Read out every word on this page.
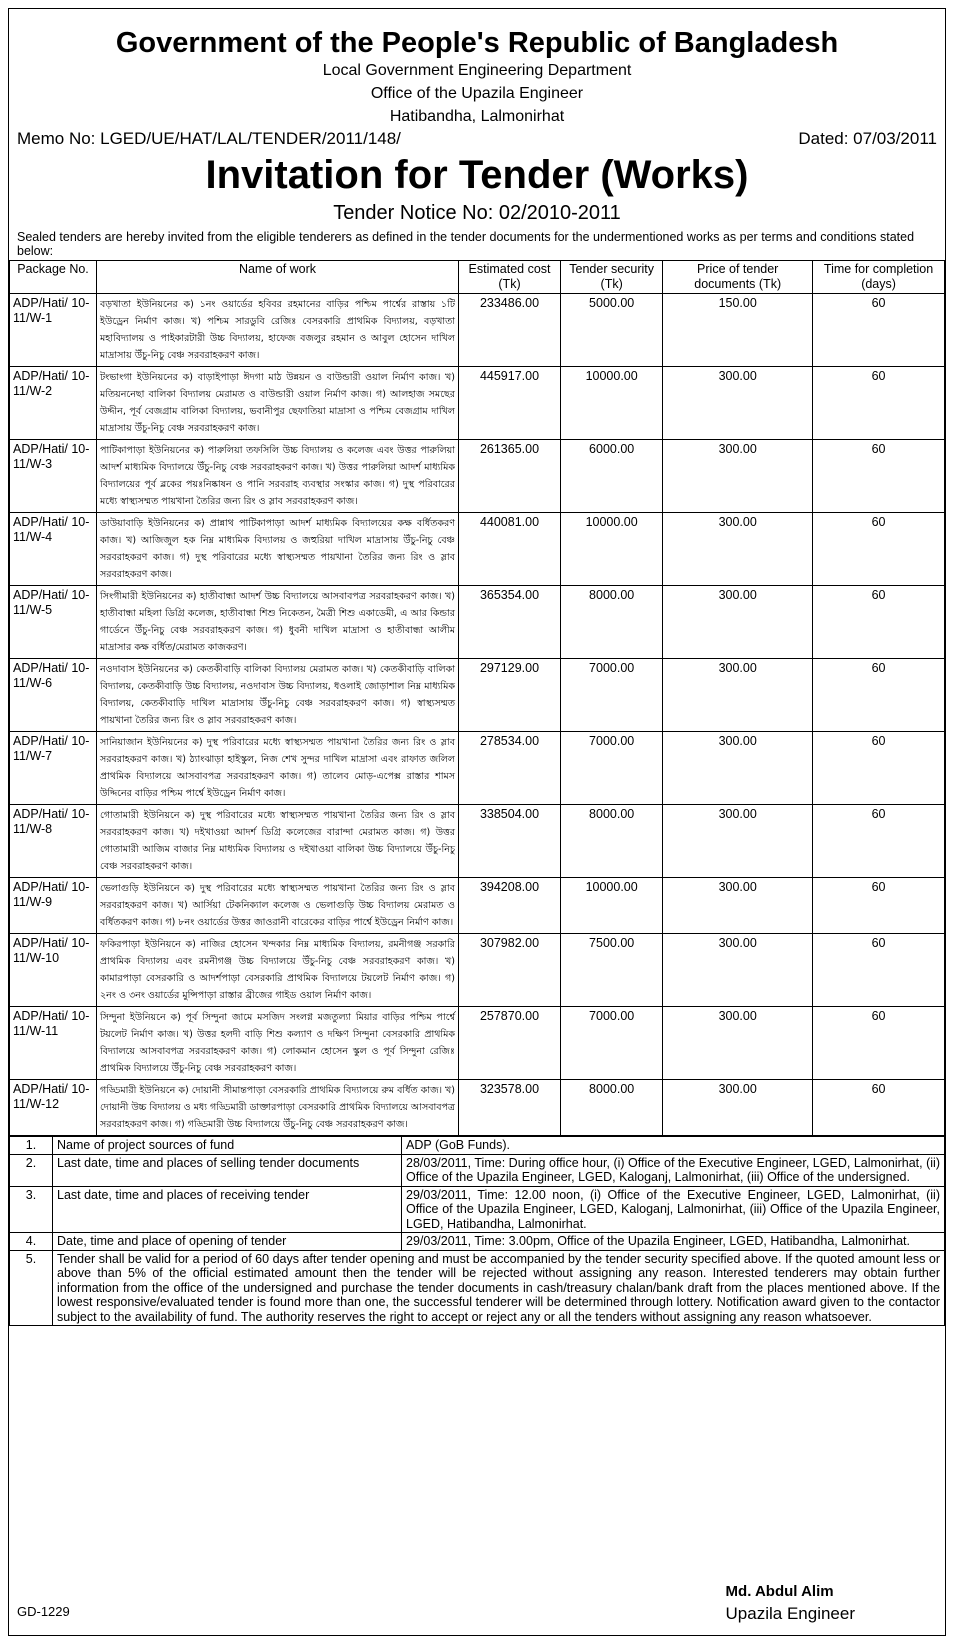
Government of the People's Republic of Bangladesh
Local Government Engineering Department
Office of the Upazila Engineer
Hatibandha, Lalmonirhat
Memo No: LGED/UE/HAT/LAL/TENDER/2011/148/	Dated: 07/03/2011
Invitation for Tender (Works)
Tender Notice No: 02/2010-2011
Sealed tenders are hereby invited from the eligible tenderers as defined in the tender documents for the undermentioned works as per terms and conditions stated below:
Package No.	Name of work	Estimated cost (Tk)	Tender security (Tk)	Price of tender documents (Tk)	Time for completion (days)
ADP/Hati/ 10-11/W-1	বড়খাতা ইউনিয়নের ক) ১নং ওয়ার্ডের হবিবর রহমানের বাড়ির পশ্চিম পার্শ্বের রাস্তায় ১টি ইউড্রেন নির্মাণ কাজ। খ) পশ্চিম সারডুবি রেজিঃ বেসরকারি প্রাথমিক বিদ্যালয়, বড়খাতা মহাবিদ্যালয় ও পাইকারটারী উচ্চ বিদ্যালয়, হাফেজ বজলুর রহমান ও আবুল হোসেন দাখিল মাদ্রাসায় উঁচু-নিচু বেঞ্চ সরবরাহকরণ কাজ।	233486.00	5000.00	150.00	60
ADP/Hati/ 10-11/W-2	টংভাংগা ইউনিয়নের ক) বাড়াইপাড়া ঈদগা মাঠ উন্নয়ন ও বাউন্ডারী ওয়াল নির্মাণ কাজ। খ) মতিয়ননেছা বালিকা বিদ্যালয় মেরামত ও বাউন্ডারী ওয়াল নির্মাণ কাজ। গ) আলহাজ সমছের উদ্দীন, পূর্ব বেজগ্রাম বালিকা বিদ্যালয়, ভবানীপুর ছেফাতিয়া মাদ্রাসা ও পশ্চিম বেজগ্রাম দাখিল মাদ্রাসায় উঁচু-নিচু বেঞ্চ সরবরাহকরণ কাজ।	445917.00	10000.00	300.00	60
ADP/Hati/ 10-11/W-3	পাটিকাপাড়া ইউনিয়নের ক) পারুলিয়া তফসিলি উচ্চ বিদ্যালয় ও কলেজ এবং উত্তর পারুলিয়া আদর্শ মাধ্যমিক বিদ্যালয়ে উঁচু-নিচু বেঞ্চ সরবরাহকরণ কাজ। খ) উত্তর পারুলিয়া আদর্শ মাধ্যমিক বিদ্যালয়ের পূর্ব ব্লকের পয়ঃনিষ্কাষন ও পানি সরবরাহ ব্যবস্থার সংস্কার কাজ। গ) দুস্থ পরিবারের মধ্যে স্বাস্থ্যসম্মত পায়খানা তৈরির জন্য রিং ও স্লাব সরবরাহকরণ কাজ।	261365.00	6000.00	300.00	60
ADP/Hati/ 10-11/W-4	ডাউয়াবাড়ি ইউনিয়নের ক) প্রান্নাথ পাটিকাপাড়া আদর্শ মাধ্যমিক বিদ্যালয়ের কক্ষ বর্ধিতকরণ কাজ। খ) আজিজুল হক নিম্ন মাধ্যমিক বিদ্যালয় ও জহুরিয়া দাখিল মাদ্রাসায় উঁচু-নিচু বেঞ্চ সরবরাহকরণ কাজ। গ) দুস্থ পরিবারের মধ্যে স্বাস্থ্যসম্মত পায়খানা তৈরির জন্য রিং ও স্লাব সরবরাহকরণ কাজ।	440081.00	10000.00	300.00	60
ADP/Hati/ 10-11/W-5	সিংগীমারী ইউনিয়নের ক) হাতীবান্ধা আদর্শ উচ্চ বিদ্যালয়ে আসবাবপত্র সরবরাহকরণ কাজ। খ) হাতীবান্ধা মহিলা ডিগ্রি কলেজ, হাতীবান্ধা শিশু নিকেতন, মৈত্রী শিশু একাডেমী, এ আর কিন্ডার গার্ডেনে উঁচু-নিচু বেঞ্চ সরবরাহকরণ কাজ। গ) ধুবনী দাখিল মাদ্রাসা ও হাতীবান্ধা আলীম মাদ্রাসার কক্ষ বর্ধিত/মেরামত কাজকরণ।	365354.00	8000.00	300.00	60
ADP/Hati/ 10-11/W-6	নওদাবাস ইউনিয়নের ক) কেতকীবাড়ি বালিকা বিদ্যালয় মেরামত কাজ। খ) কেতকীবাড়ি বালিকা বিদ্যালয়, কেতকীবাড়ি উচ্চ বিদ্যালয়, নওদাবাস উচ্চ বিদ্যালয়, ধওলাই জোড়াশাল নিম্ন মাধ্যমিক বিদ্যালয়, কেতকীবাড়ি দাখিল মাদ্রাসায় উঁচু-নিচু বেঞ্চ সরবরাহকরণ কাজ। গ) স্বাস্থ্যসম্মত পায়খানা তৈরির জন্য রিং ও স্লাব সরবরাহকরণ কাজ।	297129.00	7000.00	300.00	60
ADP/Hati/ 10-11/W-7	সানিয়াজান ইউনিয়নের ক) দুস্থ পরিবারের মধ্যে স্বাস্থ্যসম্মত পায়খানা তৈরির জন্য রিং ও স্লাব সরবরাহকরণ কাজ। খ) ঠ্যাংঝাড়া হাইস্কুল, নিজ শেখ সুন্দর দাখিল মাদ্রাসা এবং রাফাত জলিল প্রাথমিক বিদ্যালয়ে আসবাবপত্র সরবরাহকরণ কাজ। গ) তালেব মোড়-এপেক্স রাস্তার শামস উদ্দিনের বাড়ির পশ্চিম পার্শ্বে ইউড্রেন নির্মাণ কাজ।	278534.00	7000.00	300.00	60
ADP/Hati/ 10-11/W-8	গোতামারী ইউনিয়নে ক) দুস্থ পরিবারের মধ্যে স্বাস্থ্যসম্মত পায়খানা তৈরির জন্য রিং ও স্লাব সরবরাহকরণ কাজ। খ) দইখাওয়া আদর্শ ডিগ্রি কলেজের বারান্দা মেরামত কাজ। গ) উত্তর গোতামারী আজিম বাজার নিম্ন মাধ্যমিক বিদ্যালয় ও দইখাওয়া বালিকা উচ্চ বিদ্যালয়ে উঁচু-নিচু বেঞ্চ সরবরাহকরণ কাজ।	338504.00	8000.00	300.00	60
ADP/Hati/ 10-11/W-9	ভেলাগুড়ি ইউনিয়নে ক) দুস্থ পরিবারের মধ্যে স্বাস্থ্যসম্মত পায়খানা তৈরির জন্য রিং ও স্লাব সরবরাহকরণ কাজ। খ) আর্সিয়া টেকনিক্যাল কলেজ ও ভেলাগুড়ি উচ্চ বিদ্যালয় মেরামত ও বর্ধিতকরণ কাজ। গ) ৮নং ওয়ার্ডের উত্তর জাওরানী বারেকের বাড়ির পার্শ্বে ইউড্রেন নির্মাণ কাজ।	394208.00	10000.00	300.00	60
ADP/Hati/ 10-11/W-10	ফকিরপাড়া ইউনিয়নে ক) নাজির হোসেন খন্দকার নিম্ন মাধ্যমিক বিদ্যালয়, রমনীগঞ্জ সরকারি প্রাথমিক বিদ্যালয় এবং রমনীগঞ্জ উচ্চ বিদ্যালয়ে উঁচু-নিচু বেঞ্চ সরবরাহকরণ কাজ। খ) কামারপাড়া বেসরকারি ও আদর্শপাড়া বেসরকারি প্রাথমিক বিদ্যালয়ে টয়লেট নির্মাণ কাজ। গ) ২নং ও ৩নং ওয়ার্ডের মুন্সিপাড়া রাস্তার ব্রীজের গাইড ওয়াল নির্মাণ কাজ।	307982.00	7500.00	300.00	60
ADP/Hati/ 10-11/W-11	সিন্দুনা ইউনিয়নে ক) পূর্ব সিন্দুনা জামে মসজিদ সংলগ্ন মজতুল্যা মিয়ার বাড়ির পশ্চিম পার্শ্বে টয়লেট নির্মাণ কাজ। খ) উত্তর হলদী বাড়ি শিশু কল্যাণ ও দক্ষিণ সিন্দুনা বেসরকারি প্রাথমিক বিদ্যালয়ে আসবাবপত্র সরবরাহকরণ কাজ। গ) লোকমান হোসেন স্কুল ও পূর্ব সিন্দুনা রেজিঃ প্রাথমিক বিদ্যালয়ে উঁচু-নিচু বেঞ্চ সরবরাহকরণ কাজ।	257870.00	7000.00	300.00	60
ADP/Hati/ 10-11/W-12	গড্ডিমারী ইউনিয়নে ক) দোয়ানী সীমান্তপাড়া বেসরকারি প্রাথমিক বিদ্যালয়ে রুম বর্ধিত কাজ। খ) দোয়ানী উচ্চ বিদ্যালয় ও মধ্য গড্ডিমারী ডাক্তারপাড়া বেসরকারি প্রাথমিক বিদ্যালয়ে আসবাবপত্র সরবরাহকরণ কাজ। গ) গড্ডিমারী উচ্চ বিদ্যালয়ে উঁচু-নিচু বেঞ্চ সরবরাহকরণ কাজ।	323578.00	8000.00	300.00	60
1.	Name of project sources of fund	ADP (GoB Funds).
2.	Last date, time and places of selling tender documents	28/03/2011, Time: During office hour, (i) Office of the Executive Engineer, LGED, Lalmonirhat, (ii) Office of the Upazila Engineer, LGED, Kaloganj, Lalmonirhat, (iii) Office of the undersigned.
3.	Last date, time and places of receiving tender	29/03/2011, Time: 12.00 noon, (i) Office of the Executive Engineer, LGED, Lalmonirhat, (ii) Office of the Upazila Engineer, LGED, Kaloganj, Lalmonirhat, (iii) Office of the Upazila Engineer, LGED, Hatibandha, Lalmonirhat.
4.	Date, time and place of opening of tender	29/03/2011, Time: 3.00pm, Office of the Upazila Engineer, LGED, Hatibandha, Lalmonirhat.
5.	Tender shall be valid for a period of 60 days after tender opening and must be accompanied by the tender security specified above. If the quoted amount less or above than 5% of the official estimated amount then the tender will be rejected without assigning any reason. Interested tenderers may obtain further information from the office of the undersigned and purchase the tender documents in cash/treasury chalan/bank draft from the places mentioned above. If the lowest responsive/evaluated tender is found more than one, the successful tenderer will be determined through lottery. Notification award given to the contactor subject to the availability of fund. The authority reserves the right to accept or reject any or all the tenders without assigning any reason whatsoever.	
GD-1229
Md. Abdul Alim
Upazila Engineer
